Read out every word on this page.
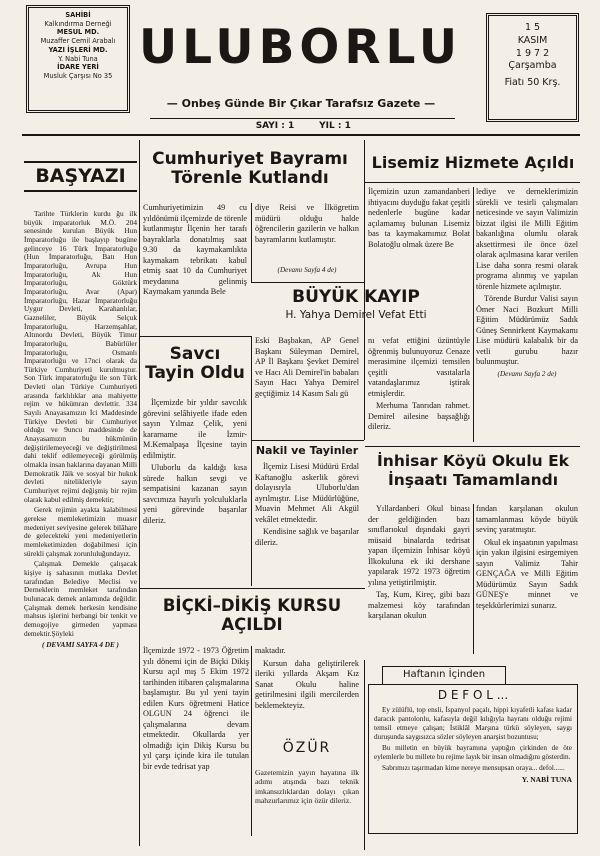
SAHİBİ
Kalkındırma Derneği
MESUL MD.
Muzaffer Cemil Arabalı
YAZI İŞLERİ MD.
Y. Nabi Tuna
İDARE YERİ
Musluk Çarşısı No 35
ULUBORLU
— Onbeş Günde Bir Çıkar Tarafsız Gazete —
SAYI : 1	YIL : 1
1 5
KASIM
1 9 7 2
Çarşamba
Fiatı 50 Krş.
BAŞYAZI

Tarihte Türklerin kurdu ğu ilk büyük imparatorluk M.Ö. 204 senesinde kurulan Büyük Hun İmparatorluğu ile başlayıp bugüne gelinceye 16 Türk İmparatorluğu (Hun İmparatorluğu, Batı Hun İmparatorluğu, Avrupa Hun İmparatorluğu, Ak Hun İmparatorluğu, Göktürk İmparatorluğu, Avar (Apar) İmparatorluğu, Hazar İmparatorluğu Uygur Devleti, Karahanlılar, Gazneliler, Büyük Selçuk İmparatorluğu, Harzemşahlar, Altınordu Devleti, Büyük Timur İmparatorluğu, Babürlüler İmparatorluğu, Osmanlı İmparatorluğu ve 17nci olarak da Türkiye Cumhuriyeti kurulmuştur. Son Türk imparatorluğu ile son Türk Devleti olan Türkiye Cumhuriyeti arasında farklılıklar ana mahiyette rejim ve hükümran devlettir. 334 Sayılı Anayasamızın İci Maddesinde Türkiye Devleti bir Cumhuriyet olduğu ve 9uncu maddesinde de Anayasamızın bu hükmünün değiştirilemeyeceği ve değiştirilmesi dahi teklif edilemeyeceği görülmüş olmakla insan haklarına dayanan Milli Demokratik Jâik ve sosyal bir hukuk devleti nitelikleriyle sayın Cumhuriyet rejimi değişmiş bir rejim olarak kabul edilmiş demektir;

Gerek rejimin ayakta kalabilmesi gerekse memleketimizin muasır medeniyet seviyesine gelerek bilâhare de gelecekteki yeni medeniyetlerin memleketimizden doğabilmesi için sürekli çalışmak zorunluluğundayız.

Çalışmak Demekle çalışacak kişiye iş sahasının mutlaka Devlet tarafından Belediye Meclisi ve Derneklerin memleket tarafından bulunacak demek anlamında değildir. Çalışmak demek herkesin kendisine mahsus işlerini herbangi bir tenkit ve demogojiye girmeden yapması demektir.Şöyleki

( DEVAMI SAYFA 4 DE )

Cumhuriyet Bayramı Törenle Kutlandı
Cumhuriyetimizin 49 cu yıldönümü ilçemizde de törenle kutlanmıştır İlçenin her tarafı bayraklarla donatılmış saat 9.30 da kaymakamlıkta kaymakam tebrikatı kabul etmiş saat 10 da Cumhuriyet meydanına gelinmiş Kaymakam yanında Bele
diye Reisi ve İlkögretim müdürü olduğu halde öğrencilerin gazilerin ve halkın bayramlarını kutlamıştır.
(Devamı Sayfa 4 de)
BÜYÜK KAYIP
H. Yahya Demirel Vefat Etti
Eski Başbakan, AP Genel Başkanı Süleyman Demirel, AP İl Başkanı Şevket Demirel ve Hacı Ali Demirel'in babaları Sayın Hacı Yahya Demirel geçtiğimiz 14 Kasım Salı gü
Savcı Tayin Oldu

İlçemizde bir yıldır savcılık görevini selâhiyetle ifade eden sayın Yılmaz Çelik, yeni kararname ile İzmir-M.Kemalpaşa İlçesine tayin edilmiştir.

Uluborlu da kaldığı kısa sürede halkın sevgi ve sempatisini kazanan sayın savcımıza hayırlı yolculuklarla yeni görevinde başarılar dileriz.

Nakil ve Tayinler

İlçemiz Lisesi Müdürü Erdal Kaftanoğlu askerlik görevi dolayısıyla Uluborlu'dan ayrılmıştır. Lise Müdürlüğüne, Muavin Mehmet Ali Akgül vekâlet etmektedir.

Kendisine sağlık ve başarılar dileriz.

Lisemiz Hizmete Açıldı
İlçemizin uzun zamandanberi ihtiyacını duyduğu fakat çeşitli nedenlerle bugüne kadar açılamamış bulunan Lisemiz bas ta kaymakamımız Bolat Bolatoğlu olmak üzere Be

lediye ve derneklerimizin sürekli ve tesirli çalışmaları neticesinde ve sayın Valimizin bizzat ilgisi ile Milli Eğitim bakanlığına olumlu olarak aksettirmesi ile önce özel olarak açılmasına karar verilen Lise daha sonra resmi olarak programa alınmış ve yapılan törenle hizmete açılmıştır.

Törende Burdur Valisi sayın Ömer Naci Bozkurt Milli Eğitim Müdürümüz Sadık Güneş Sennirkent Kaymakamı Lise müdürü kalabalık bir da vetli gurubu hazır bulunmuştur.

(Devamı Sayfa 2 de)

nı vefat ettiğini üzüntüyle öğrenmiş bulunuyoruz Cenaze merasimine ilçemizi temsilen çeşitli vasıtalarla vatandaşlarımız iştirak etmişlerdir.

Merhuma Tanrıdan rahmet. Demirel ailesine başsağlığı dileriz.

İnhisar Köyü Okulu Ek İnşaatı Tamamlandı

Yıllardanberi Okul binası der geldiğinden bazı sınıflarıokul dışındaki gayri müsaid binalarda tedrisat yapan ilçemizin İnhisar köyü İlkokuluna ek iki dershane yapılarak 1972 1973 öğretim yılına yetiştirilmiştir.

Taş, Kum, Kireç, gibi bazı malzemesi köy tarafından karşılanan okulun

fından karşılanan okulun tamamlanması köyde büyük sevinç yaratmıştır.

Okul ek inşaatının yapılması için yakın ilgisini esirgemiyen sayın Valimiz Tahir GENÇAĞA ve Milli Eğitim Müdürümüz Sayın Sadık GÜNEŞ'e minnet ve teşekkürlerimizi sunarız.

BİÇKİ–DİKİŞ KURSU AÇILDI
İlçemizde 1972 - 1973 Öğretim yılı dönemi için de Biçki Dikiş Kursu açıl mış 5 Ekim 1972 tarihinden itibaren çalışmalarına başlamıştır. Bu yıl yeni tayin edilen Kurs öğretmeni Hatice OLGUN 24 öğrenci ile çalışmalarına devam etmektedir. Okullarda yer olmadığı için Dikiş Kursu bu yıl çarşı içinde kira ile tutulan bir evde tedrisat yap

maktadır.

Kursun daha geliştirilerek ileriki yıllarda Akşam Kız Sanat Okulu haline getirilmesini ilgili mercilerden beklemekteyiz.

ÖZÜR
Gazetemizin yayın hayatına ilk adımı atışında bazı teknik imkansızlıklardan dolayı çıkan mahzurlarımız için özür dileriz.
Haftanın İçinden
D E F O L ...

Ey zülüflü, top ensli, İspanyol paçalı, hippi kıyafetli kafası kadar daracık pantolonlu, kafasıyla değil kılığıyla hayranı olduğu rejimi temsil etmeye çalışan; İstiklâl Marşına türkü söyleyen, saygı duruşunda saygısızca sözler söyleyen anarşist bozuntusu;

Bu milletin en büyük bayramına yaptığın çirkinden de öte eylemlerle bu millete bu rejime layık bir insan olmadığını gösterdin.

Sabrımızı taşırmadan kime nereye mensupsan oraya... defol......

Y. NABİ TUNA
